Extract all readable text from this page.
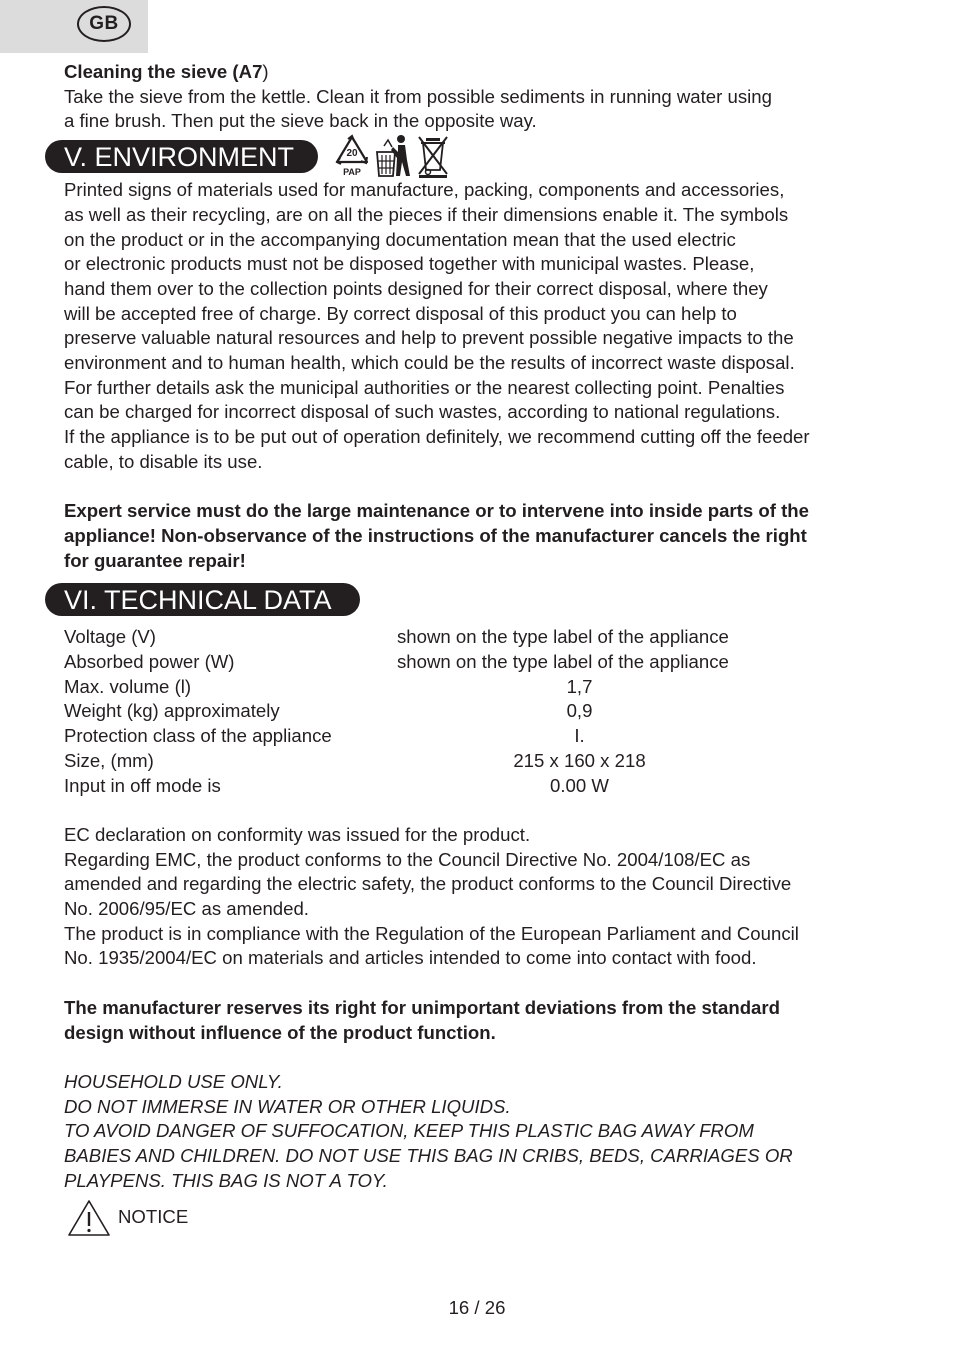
GB

Cleaning the sieve (A7)

Take the sieve from the kettle. Clean it from possible sediments in running water using

a fine brush. Then put the sieve back in the opposite way.

V. ENVIRONMENT	20
PAP

Printed signs of materials used for manufacture, packing, components and accessories,

as well as their recycling, are on all the pieces if their dimensions enable it. The symbols

on the product or in the accompanying documentation mean that the used electric

or electronic products must not be disposed together with municipal wastes. Please,

hand them over to the collection points designed for their correct disposal, where they

will be accepted free of charge. By correct disposal of this product you can help to

preserve valuable natural resources and help to prevent possible negative impacts to the

environment and to human health, which could be the results of incorrect waste disposal.

For further details ask the municipal authorities or the nearest collecting point. Penalties

can be charged for incorrect disposal of such wastes, according to national regulations.

If the appliance is to be put out of operation definitely, we recommend cutting off the feeder

cable, to disable its use.

Expert service must do the large maintenance or to intervene into inside parts of the

appliance! Non-observance of the instructions of the manufacturer cancels the right

for guarantee repair!

VI. TECHNICAL DATA
Voltage (V)	shown on the type label of the appliance
Absorbed power (W)	shown on the type label of the appliance
Max. volume (l)	1,7
Weight (kg) approximately	0,9
Protection class of the appliance	I.
Size, (mm)	215 x 160 x 218
Input in off mode is	0.00 W

EC declaration on conformity was issued for the product.

Regarding EMC, the product conforms to the Council Directive No. 2004/108/EC as

amended and regarding the electric safety, the product conforms to the Council Directive

No. 2006/95/EC as amended.

The product is in compliance with the Regulation of the European Parliament and Council

No. 1935/2004/EC on materials and articles intended to come into contact with food.

The manufacturer reserves its right for unimportant deviations from the standard

design without influence of the product function.

HOUSEHOLD USE ONLY.

DO NOT IMMERSE IN WATER OR OTHER LIQUIDS.

TO AVOID DANGER OF SUFFOCATION, KEEP THIS PLASTIC BAG AWAY FROM

BABIES AND CHILDREN. DO NOT USE THIS BAG IN CRIBS, BEDS, CARRIAGES OR

PLAYPENS. THIS BAG IS NOT A TOY.

NOTICE
16 / 26
